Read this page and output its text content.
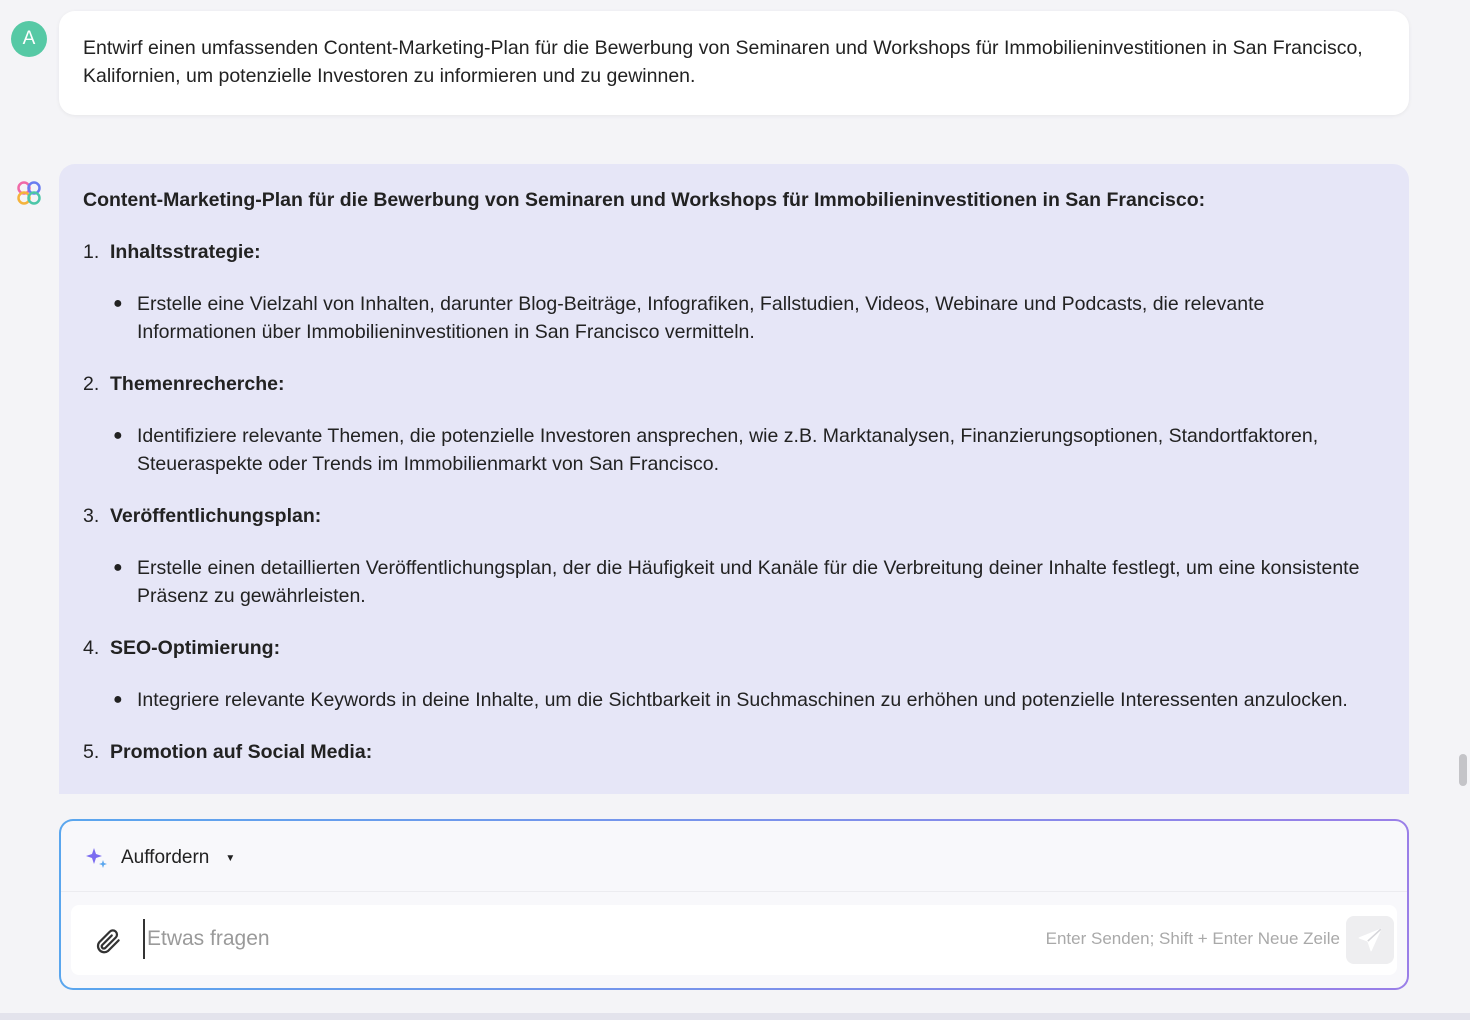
A	Entwirf einen umfassenden Content-Marketing-Plan für die Bewerbung von Seminaren und Workshops für Immobilieninvestitionen in San Francisco, Kalifornien, um potenzielle Investoren zu informieren und zu gewinnen.
Content-Marketing-Plan für die Bewerbung von Seminaren und Workshops für Immobilieninvestitionen in San Francisco:
1. Inhaltsstrategie:
● Erstelle eine Vielzahl von Inhalten, darunter Blog-Beiträge, Infografiken, Fallstudien, Videos, Webinare und Podcasts, die relevante Informationen über Immobilieninvestitionen in San Francisco vermitteln.
2. Themenrecherche:
● Identifiziere relevante Themen, die potenzielle Investoren ansprechen, wie z.B. Marktanalysen, Finanzierungsoptionen, Standortfaktoren, Steueraspekte oder Trends im Immobilienmarkt von San Francisco.
3. Veröffentlichungsplan:
● Erstelle einen detaillierten Veröffentlichungsplan, der die Häufigkeit und Kanäle für die Verbreitung deiner Inhalte festlegt, um eine konsistente Präsenz zu gewährleisten.
4. SEO-Optimierung:
● Integriere relevante Keywords in deine Inhalte, um die Sichtbarkeit in Suchmaschinen zu erhöhen und potenzielle Interessenten anzulocken.
5. Promotion auf Social Media:
Auffordern ▼
Etwas fragen
Enter Senden; Shift + Enter Neue Zeile
